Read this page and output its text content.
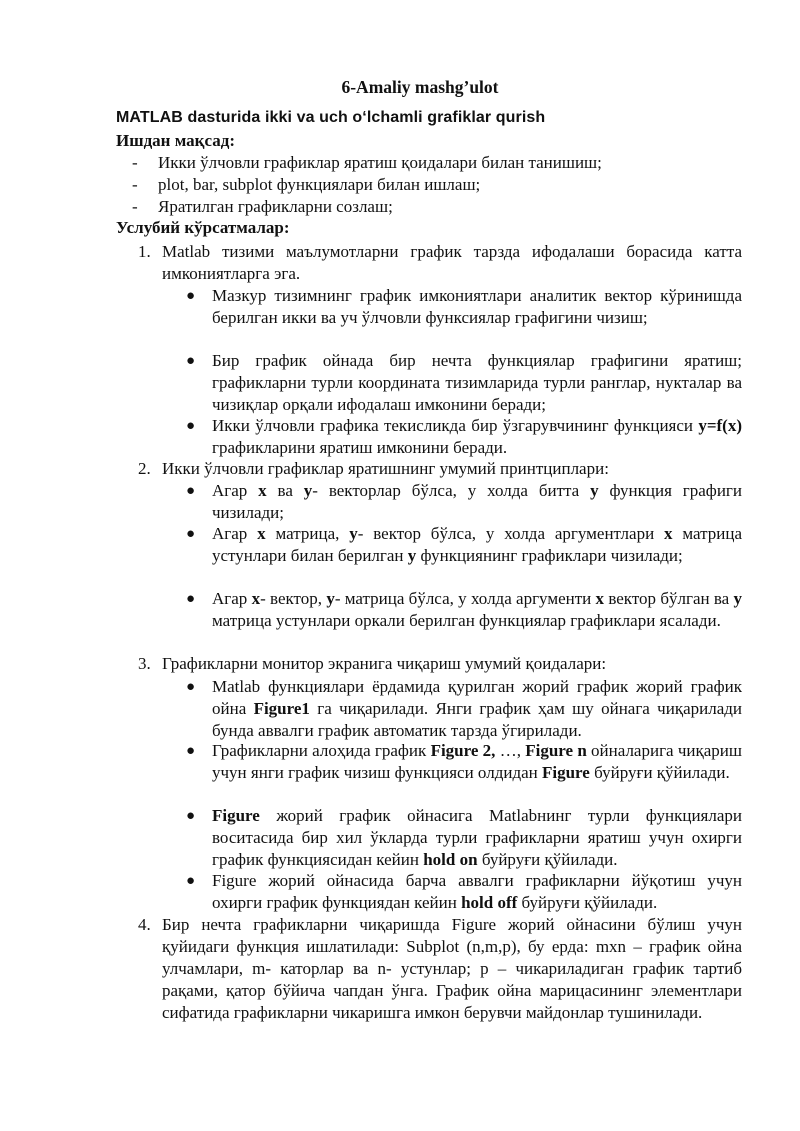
6-Amaliy mashg’ulot
MATLAB dasturida ikki va uch o‘lchamli grafiklar qurish
Ишдан мақсад:
- Икки ўлчовли графиклар яратиш қоидалари билан танишиш;
- plot, bar, subplot функциялари билан ишлаш;
- Яратилган графикларни созлаш;
Услубий кўрсатмалар:
1. Matlab тизими маълумотларни график тарзда ифодалаши борасида катта имкониятларга эга.
● Мазкур тизимнинг график имкониятлари аналитик вектор кўринишда берилган икки ва уч ўлчовли функсиялар графигини чизиш;
● Бир график ойнада бир нечта функциялар графигини яратиш; графикларни турли координата тизимларида турли ранглар, нукталар ва чизиқлар орқали ифодалаш имконини беради;
● Икки ўлчовли графика текисликда бир ўзгарувчининг функцияси y=f(x) графикларини яратиш имконини беради.
2. Икки ўлчовли графиклар яратишнинг умумий принтциплари:
● Агар x ва y- векторлар бўлса, у холда битта y функция графиги чизилади;
● Агар x матрица, y- вектор бўлса, у холда аргументлари x матрица устунлари билан берилган y функциянинг графиклари чизилади;
● Агар x- вектор, y- матрица бўлса, у холда аргументи x вектор бўлган ва y матрица устунлари оркали берилган функциялар графиклари ясалади.
3. Графикларни монитор экранига чиқариш умумий қоидалари:
● Matlab функциялари ёрдамида қурилган жорий график жорий график ойна Figure1 га чиқарилади. Янги график ҳам шу ойнага чиқарилади бунда аввалги график автоматик тарзда ўгирилади.
● Графикларни алоҳида график Figure 2, …, Figure n ойналарига чиқариш учун янги график чизиш функцияси олдидан Figure буйруғи қўйилади.
● Figure жорий график ойнасига Matlabнинг турли функциялари воситасида бир хил ўкларда турли графикларни яратиш учун охирги график функциясидан кейин hold on буйруғи қўйилади.
● Figure жорий ойнасида барча аввалги графикларни йўқотиш учун охирги график функциядан кейин hold off буйруғи қўйилади.
4. Бир нечта графикларни чиқаришда Figure жорий ойнасини бўлиш учун қуйидаги функция ишлатилади: Subplot (n,m,p), бу ерда: mxn – график ойна улчамлари, m- каторлар ва n- устунлар; p – чикариладиган график тартиб рақами, қатор бўйича чапдан ўнга. График ойна марицасининг элементлари сифатида графикларни чикаришга имкон берувчи майдонлар тушинилади.
